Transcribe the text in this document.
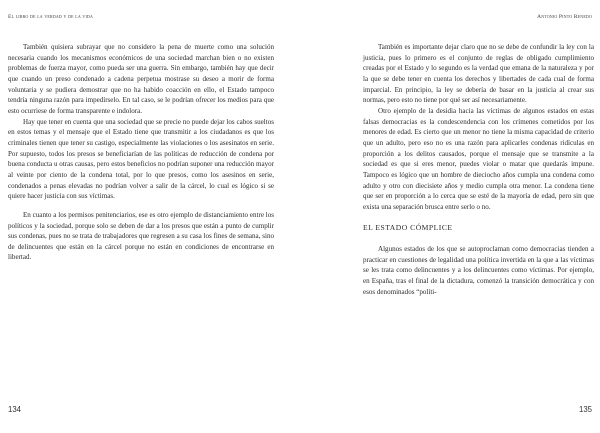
El libro de la verdad y de la vida

También quisiera subrayar que no considero la pena de muerte como una solución necesaria cuando los mecanismos económicos de una sociedad marchan bien o no existen problemas de fuerza mayor, como pueda ser una guerra. Sin embargo, también hay que decir que cuando un preso condenado a cadena perpetua mostrase su deseo a morir de forma voluntaria y se pudiera demostrar que no ha habido coacción en ello, el Estado tampoco tendría ninguna razón para impedírselo. En tal caso, se le podrían ofrecer los medios para que esto ocurriese de forma transparente e indolora.

Hay que tener en cuenta que una sociedad que se precie no puede dejar los cabos sueltos en estos temas y el mensaje que el Estado tiene que transmitir a los ciudadanos es que los criminales tienen que tener su castigo, especialmente las violaciones o los asesinatos en serie. Por supuesto, todos los presos se beneficiarían de las políticas de reducción de condena por buena conducta u otras causas, pero estos beneficios no podrían suponer una reducción mayor al veinte por ciento de la condena total, por lo que presos, como los asesinos en serie, condenados a penas elevadas no podrían volver a salir de la cárcel, lo cual es lógico si se quiere hacer justicia con sus víctimas.

En cuanto a los permisos penitenciarios, ese es otro ejemplo de distanciamiento entre los políticos y la sociedad, porque solo se deben de dar a los presos que están a punto de cumplir sus condenas, pues no se trata de trabajadores que regresen a su casa los fines de semana, sino de delincuentes que están en la cárcel porque no están en condiciones de encontrarse en libertad.

134
Antonio Pinto Renedo

También es importante dejar claro que no se debe de confundir la ley con la justicia, pues lo primero es el conjunto de reglas de obligado cumplimiento creadas por el Estado y lo segundo es la verdad que emana de la naturaleza y por la que se debe tener en cuenta los derechos y libertades de cada cual de forma imparcial. En principio, la ley se debería de basar en la justicia al crear sus normas, pero esto no tiene por qué ser así necesariamente.

Otro ejemplo de la desidia hacia las víctimas de algunos estados en estas falsas democracias es la condescendencia con los crímenes cometidos por los menores de edad. Es cierto que un menor no tiene la misma capacidad de criterio que un adulto, pero eso no es una razón para aplicarles condenas ridículas en proporción a los delitos causados, porque el mensaje que se transmite a la sociedad es que si eres menor, puedes violar o matar que quedarás impune. Tampoco es lógico que un hombre de dieciocho años cumpla una condena como adulto y otro con diecisiete años y medio cumpla otra menor. La condena tiene que ser en proporción a lo cerca que se esté de la mayoría de edad, pero sin que exista una separación brusca entre serlo o no.

EL ESTADO CÓMPLICE

Algunos estados de los que se autoproclaman como democracias tienden a practicar en cuestiones de legalidad una política invertida en la que a las víctimas se les trata como delincuentes y a los delincuentes como víctimas. Por ejemplo, en España, tras el final de la dictadura, comenzó la transición democrática y con esos denominados “políti-

135
